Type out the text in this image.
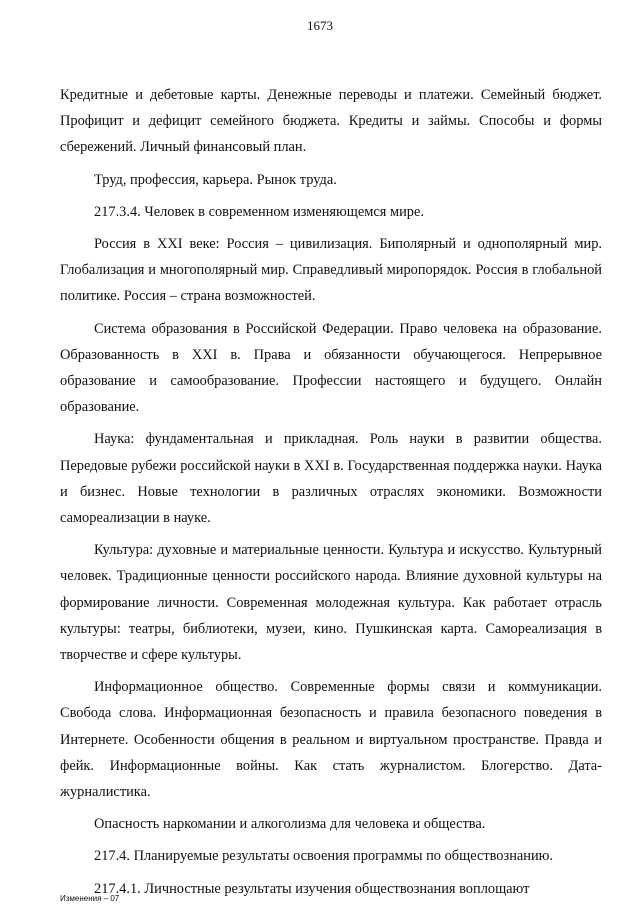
1673

Кредитные и дебетовые карты. Денежные переводы и платежи. Семейный бюджет. Профицит и дефицит семейного бюджета. Кредиты и займы. Способы и формы сбережений. Личный финансовый план.

Труд, профессия, карьера. Рынок труда.

217.3.4. Человек в современном изменяющемся мире.

Россия в XXI веке: Россия – цивилизация. Биполярный и однополярный мир. Глобализация и многополярный мир. Справедливый миропорядок. Россия в глобальной политике. Россия – страна возможностей.

Система образования в Российской Федерации. Право человека на образование. Образованность в XXI в. Права и обязанности обучающегося. Непрерывное образование и самообразование. Профессии настоящего и будущего. Онлайн образование.

Наука: фундаментальная и прикладная. Роль науки в развитии общества. Передовые рубежи российской науки в XXI в. Государственная поддержка науки. Наука и бизнес. Новые технологии в различных отраслях экономики. Возможности самореализации в науке.

Культура: духовные и материальные ценности. Культура и искусство. Культурный человек. Традиционные ценности российского народа. Влияние духовной культуры на формирование личности. Современная молодежная культура. Как работает отрасль культуры: театры, библиотеки, музеи, кино. Пушкинская карта. Самореализация в творчестве и сфере культуры.

Информационное общество. Современные формы связи и коммуникации. Свобода слова. Информационная безопасность и правила безопасного поведения в Интернете. Особенности общения в реальном и виртуальном пространстве. Правда и фейк. Информационные войны. Как стать журналистом. Блогерство. Дата-журналистика.

Опасность наркомании и алкоголизма для человека и общества.

217.4. Планируемые результаты освоения программы по обществознанию.

217.4.1. Личностные результаты изучения обществознания воплощают

Изменения – 07
